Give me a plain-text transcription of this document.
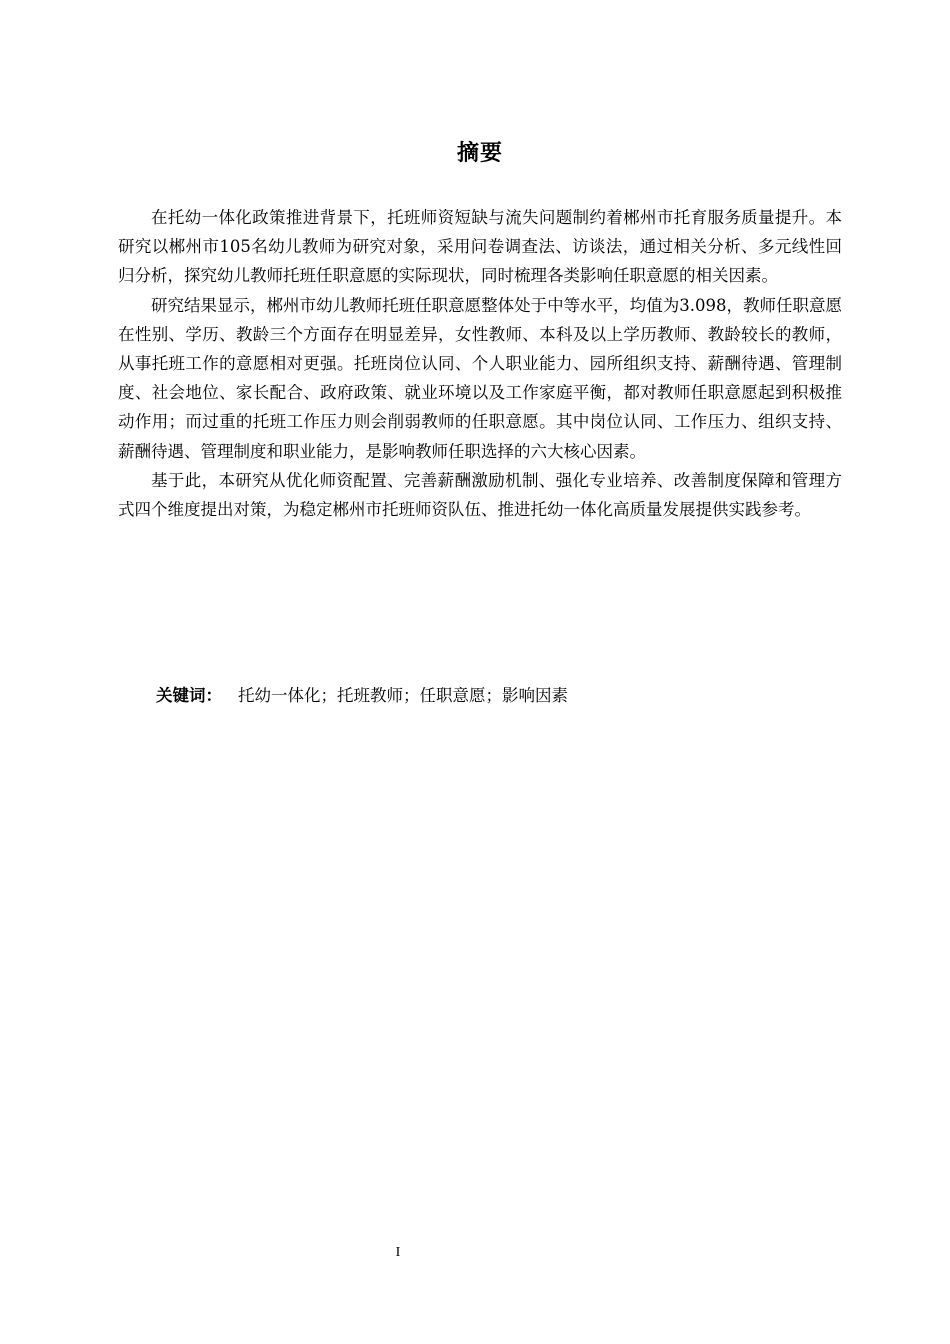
摘要

在托幼一体化政策推进背景下，托班师资短缺与流失问题制约着郴州市托育服务质量提升。本研究以郴州市105名幼儿教师为研究对象，采用问卷调查法、访谈法，通过相关分析、多元线性回归分析，探究幼儿教师托班任职意愿的实际现状，同时梳理各类影响任职意愿的相关因素。

研究结果显示，郴州市幼儿教师托班任职意愿整体处于中等水平，均值为3.098，教师任职意愿在性别、学历、教龄三个方面存在明显差异，女性教师、本科及以上学历教师、教龄较长的教师，从事托班工作的意愿相对更强。托班岗位认同、个人职业能力、园所组织支持、薪酬待遇、管理制度、社会地位、家长配合、政府政策、就业环境以及工作家庭平衡，都对教师任职意愿起到积极推动作用；而过重的托班工作压力则会削弱教师的任职意愿。其中岗位认同、工作压力、组织支持、薪酬待遇、管理制度和职业能力，是影响教师任职选择的六大核心因素。

基于此，本研究从优化师资配置、完善薪酬激励机制、强化专业培养、改善制度保障和管理方式四个维度提出对策，为稳定郴州市托班师资队伍、推进托幼一体化高质量发展提供实践参考。

关键词： 托幼一体化；托班教师；任职意愿；影响因素
I
